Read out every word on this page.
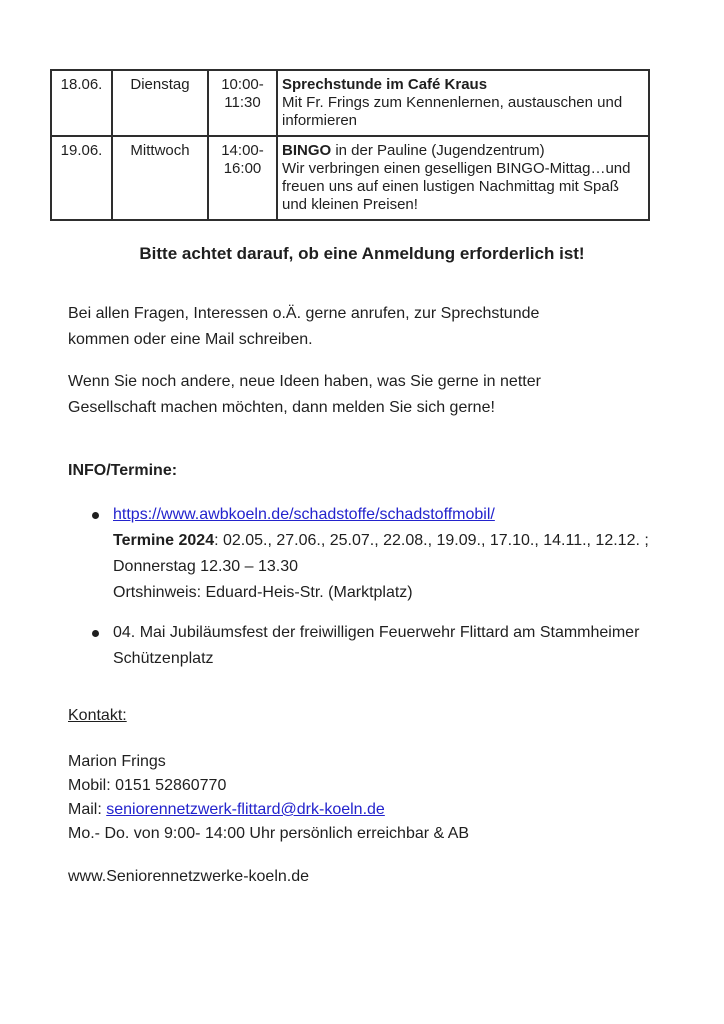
18.06.	Dienstag	10:00- 11:30	Sprechstunde im Café Kraus
Mit Fr. Frings zum Kennenlernen, austauschen und informieren

19.06.	Mittwoch	14:00- 16:00	BINGO in der Pauline (Jugendzentrum)
Wir verbringen einen geselligen BINGO-Mittag…und freuen uns auf einen lustigen Nachmittag mit Spaß und kleinen Preisen!
Bitte achtet darauf, ob eine Anmeldung erforderlich ist!

Bei allen Fragen, Interessen o.Ä. gerne anrufen, zur Sprechstunde kommen oder eine Mail schreiben.

Wenn Sie noch andere, neue Ideen haben, was Sie gerne in netter Gesellschaft machen möchten, dann melden Sie sich gerne!

INFO/Termine:
https://www.awbkoeln.de/schadstoffe/schadstoffmobil/
Termine 2024: 02.05., 27.06., 25.07., 22.08., 19.09., 17.10., 14.11., 12.12. ; Donnerstag 12.30 – 13.30
Ortshinweis: Eduard-Heis-Str. (Marktplatz)
04. Mai Jubiläumsfest der freiwilligen Feuerwehr Flittard am Stammheimer Schützenplatz
Kontakt:
Marion Frings
Mobil: 0151 52860770
Mail: seniorennetzwerk-flittard@drk-koeln.de
Mo.- Do. von 9:00- 14:00 Uhr persönlich erreichbar & AB
www.Seniorennetzwerke-koeln.de
